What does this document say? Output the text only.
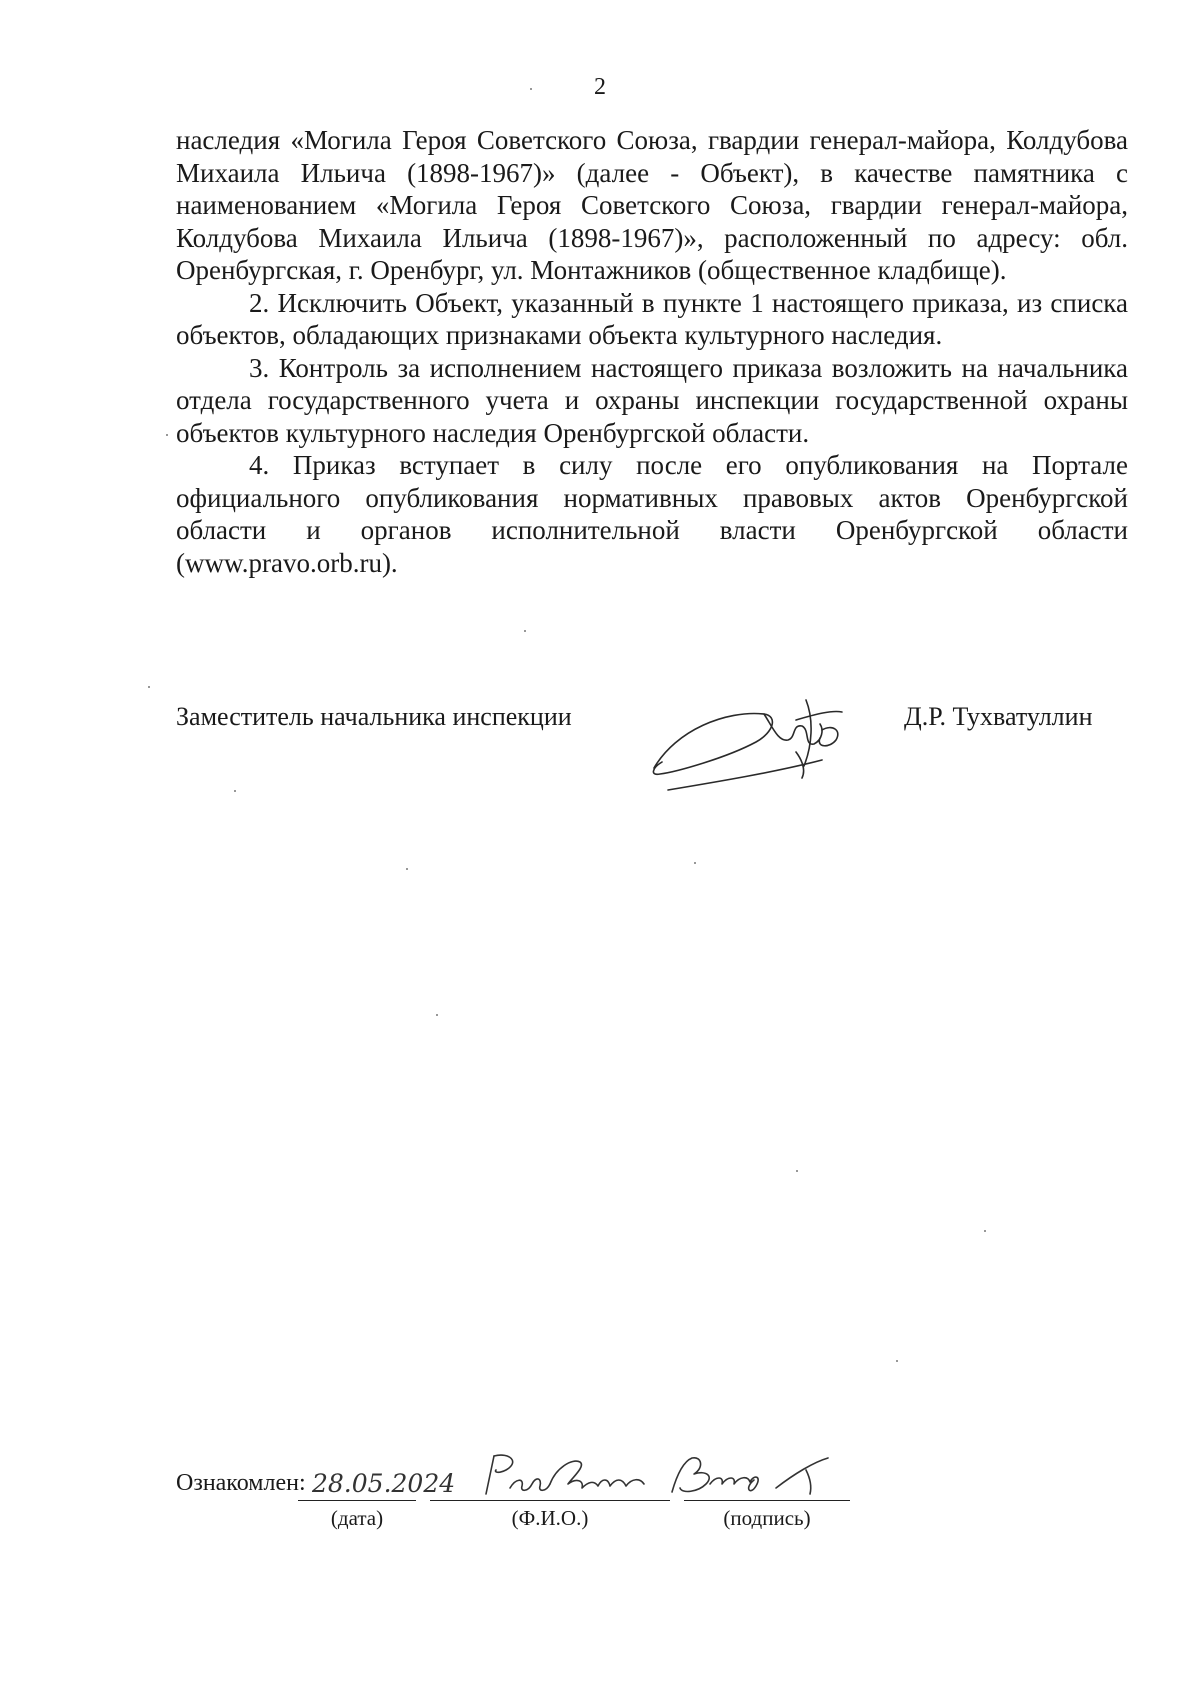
2

наследия «Могила Героя Советского Союза, гвардии генерал-майора, Колдубова Михаила Ильича (1898-1967)» (далее - Объект), в качестве памятника с наименованием «Могила Героя Советского Союза, гвардии генерал-майора, Колдубова Михаила Ильича (1898-1967)», расположенный по адресу: обл. Оренбургская, г. Оренбург, ул. Монтажников (общественное кладбище).

2. Исключить Объект, указанный в пункте 1 настоящего приказа, из списка объектов, обладающих признаками объекта культурного наследия.

3. Контроль за исполнением настоящего приказа возложить на начальника отдела государственного учета и охраны инспекции государственной охраны объектов культурного наследия Оренбургской области.

4. Приказ вступает в силу после его опубликования на Портале официального опубликования нормативных правовых актов Оренбургской области и органов исполнительной власти Оренбургской области (www.pravo.orb.ru).

Заместитель начальника инспекции	Д.Р. Тухватуллин
Ознакомлен: 28.05.2024
(дата)	(Ф.И.О.)	(подпись)
